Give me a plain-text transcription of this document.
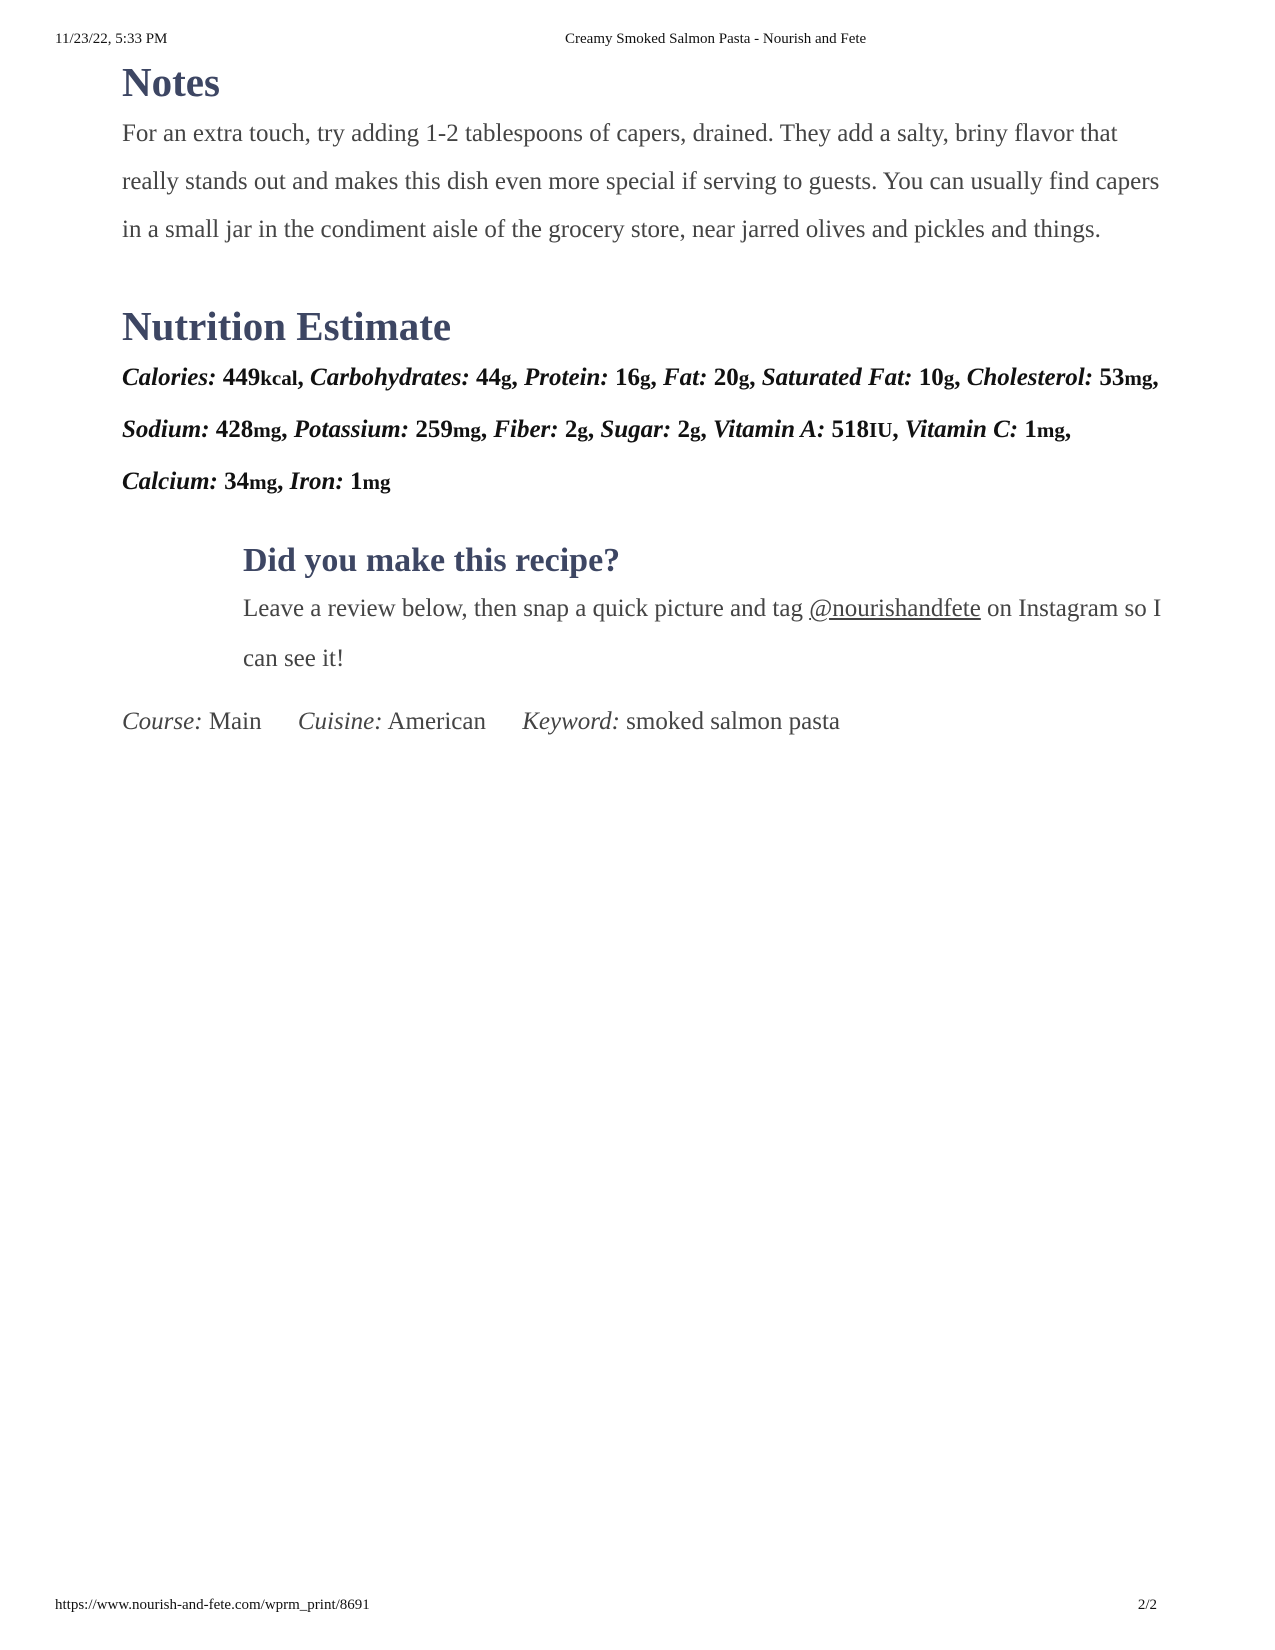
11/23/22, 5:33 PM	Creamy Smoked Salmon Pasta - Nourish and Fete
Notes

For an extra touch, try adding 1-2 tablespoons of capers, drained. They add a salty, briny flavor that really stands out and makes this dish even more special if serving to guests. You can usually find capers in a small jar in the condiment aisle of the grocery store, near jarred olives and pickles and things.

Nutrition Estimate
Calories: 449kcal, Carbohydrates: 44g, Protein: 16g, Fat: 20g, Saturated Fat: 10g, Cholesterol: 53mg, Sodium: 428mg, Potassium: 259mg, Fiber: 2g, Sugar: 2g, Vitamin A: 518IU, Vitamin C: 1mg, Calcium: 34mg, Iron: 1mg
Did you make this recipe?

Leave a review below, then snap a quick picture and tag @nourishandfete on Instagram so I can see it!

Course: Main Cuisine: American Keyword: smoked salmon pasta
https://www.nourish-and-fete.com/wprm_print/8691	2/2
